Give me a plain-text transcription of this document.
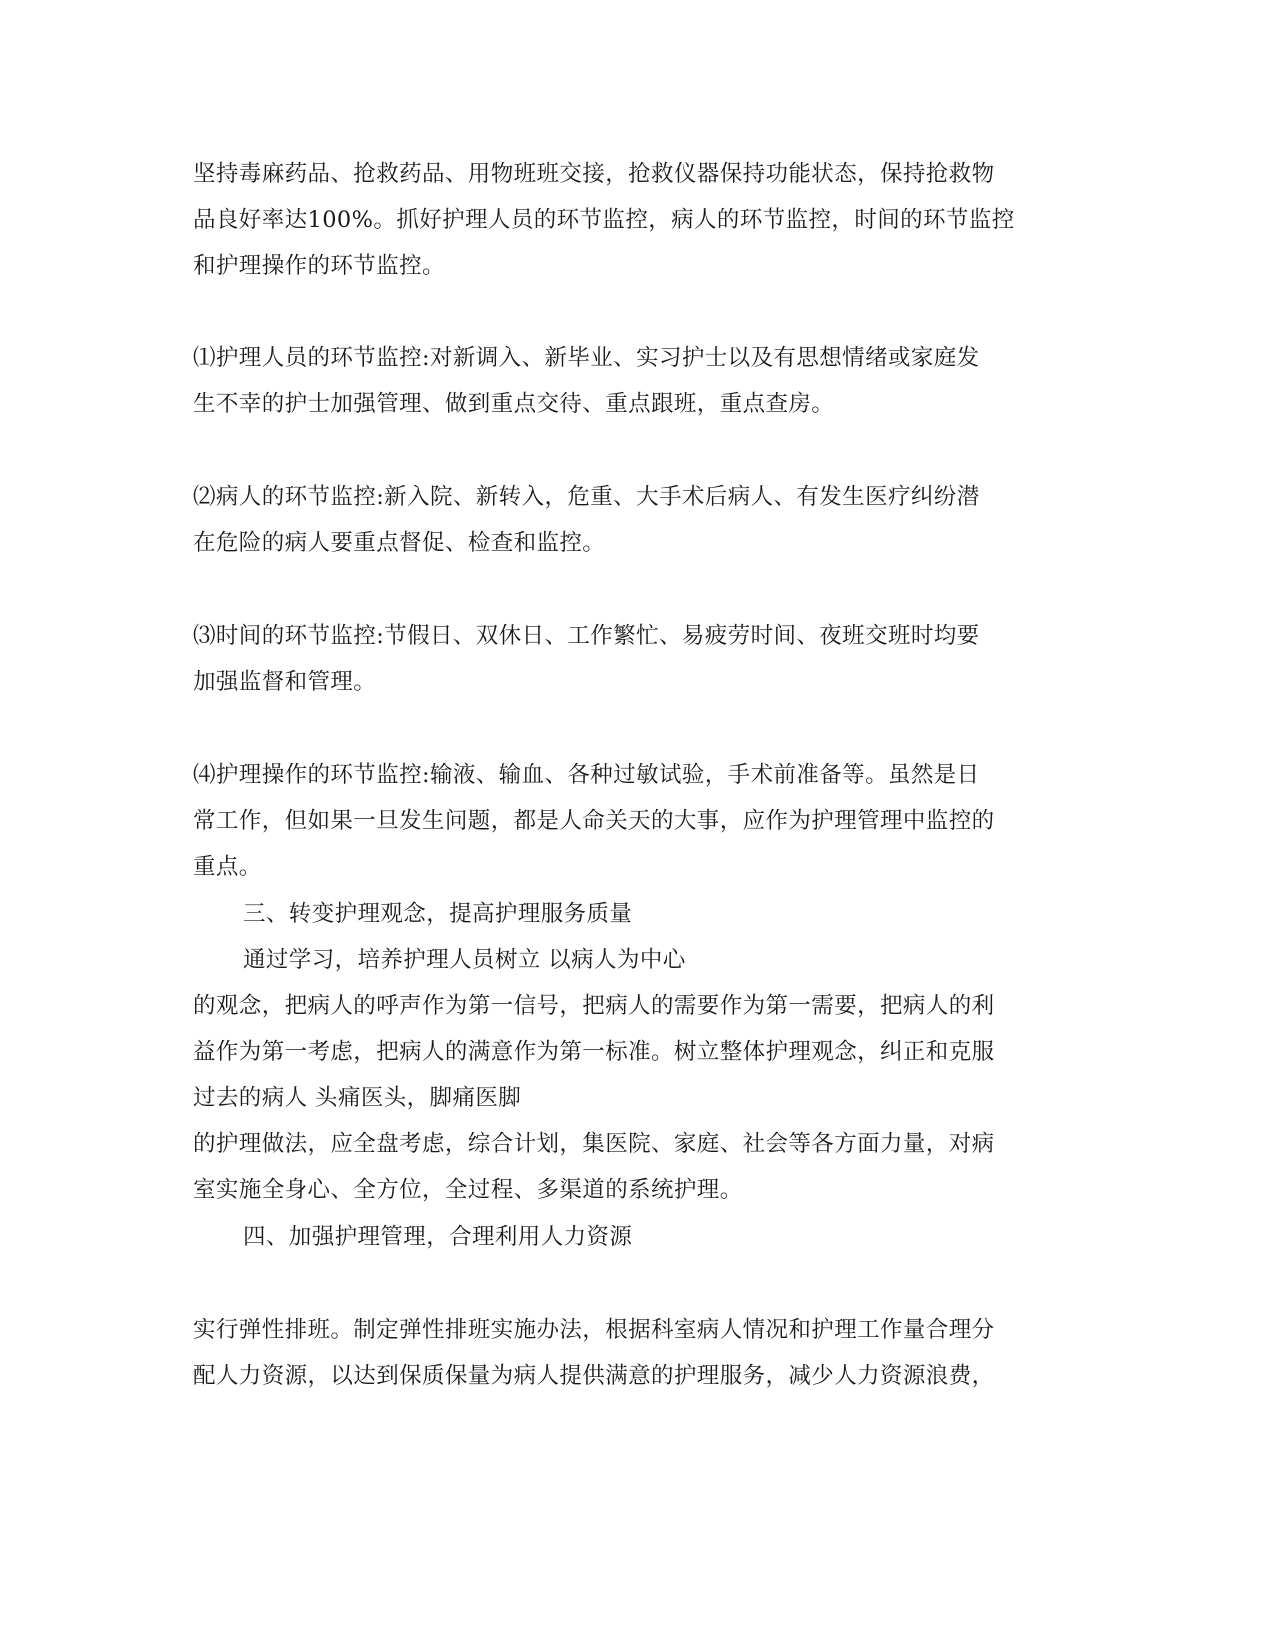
坚持毒麻药品、抢救药品、用物班班交接，抢救仪器保持功能状态，保持抢救物
品良好率达100%。抓好护理人员的环节监控，病人的环节监控，时间的环节监控
和护理操作的环节监控。
⑴护理人员的环节监控:对新调入、新毕业、实习护士以及有思想情绪或家庭发
生不幸的护士加强管理、做到重点交待、重点跟班，重点查房。
⑵病人的环节监控:新入院、新转入，危重、大手术后病人、有发生医疗纠纷潜
在危险的病人要重点督促、检查和监控。
⑶时间的环节监控:节假日、双休日、工作繁忙、易疲劳时间、夜班交班时均要
加强监督和管理。
⑷护理操作的环节监控:输液、输血、各种过敏试验，手术前准备等。虽然是日
常工作，但如果一旦发生问题，都是人命关天的大事，应作为护理管理中监控的
重点。
三、转变护理观念，提高护理服务质量
通过学习，培养护理人员树立 以病人为中心
的观念，把病人的呼声作为第一信号，把病人的需要作为第一需要，把病人的利
益作为第一考虑，把病人的满意作为第一标准。树立整体护理观念，纠正和克服
过去的病人 头痛医头，脚痛医脚
的护理做法，应全盘考虑，综合计划，集医院、家庭、社会等各方面力量，对病
室实施全身心、全方位，全过程、多渠道的系统护理。
四、加强护理管理，合理利用人力资源
实行弹性排班。制定弹性排班实施办法，根据科室病人情况和护理工作量合理分
配人力资源，以达到保质保量为病人提供满意的护理服务，减少人力资源浪费，
